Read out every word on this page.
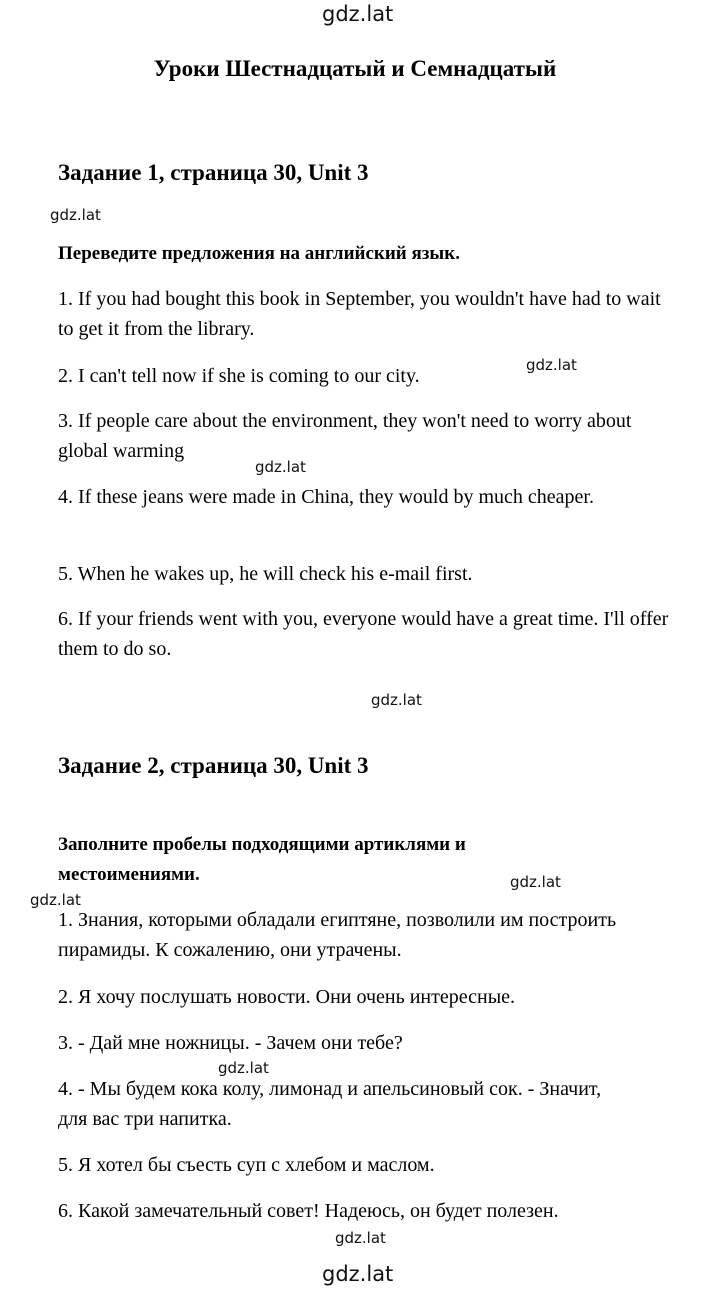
gdz.lat
gdz.lat
gdz.lat
gdz.lat
gdz.lat
gdz.lat
gdz.lat
gdz.lat
gdz.lat
gdz.lat
Уроки Шестнадцатый и Семнадцатый
Задание 1, страница 30, Unit 3
Переведите предложения на английский язык.
1. If you had bought this book in September, you wouldn't have had to wait to get it from the library.
2. I can't tell now if she is coming to our city.
3. If people care about the environment, they won't need to worry about global warming
4. If these jeans were made in China, they would by much cheaper.
5. When he wakes up, he will check his e-mail first.
6. If your friends went with you, everyone would have a great time. I'll offer them to do so.
Задание 2, страница 30, Unit 3
Заполните пробелы подходящими артиклями и местоимениями.
1. Знания, которыми обладали египтяне, позволили им построить пирамиды. К сожалению, они утрачены.
2. Я хочу послушать новости. Они очень интересные.
3. - Дай мне ножницы. - Зачем они тебе?
4. - Мы будем кока колу, лимонад и апельсиновый сок. - Значит, для вас три напитка.
5. Я хотел бы съесть суп с хлебом и маслом.
6. Какой замечательный совет! Надеюсь, он будет полезен.
